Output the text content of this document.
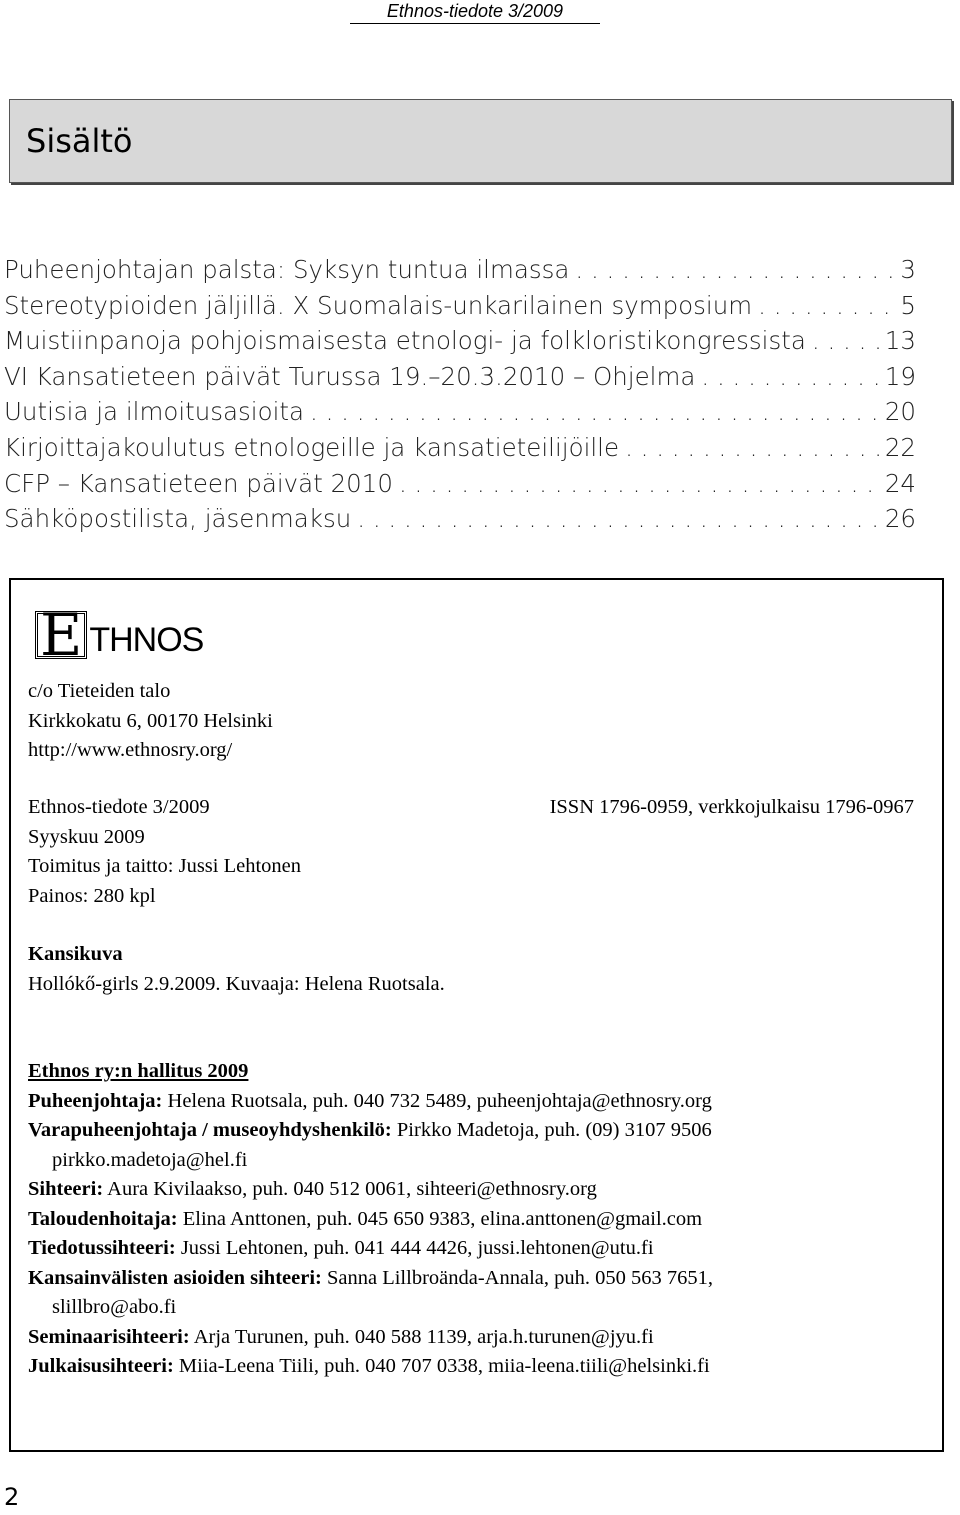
Ethnos-tiedote 3/2009
Sisältö
Puheenjohtajan palsta: Syksyn tuntua ilmassa . . .	3
Stereotypioiden jäljillä. X Suomalais-unkarilainen symposium . . .	5
Muistiinpanoja pohjoismaisesta etnologi- ja folkloristikongressista . . .	13
VI Kansatieteen päivät Turussa 19.–20.3.2010 – Ohjelma . . .	19
Uutisia ja ilmoitusasioita . . .	20
Kirjoittajakoulutus etnologeille ja kansatieteilijöille . . .	22
CFP – Kansatieteen päivät 2010 . . .	24
Sähköpostilista, jäsenmaksu . . .	26
E THNOS
c/o Tieteiden talo
Kirkkokatu 6, 00170 Helsinki
http://www.ethnosry.org/
Ethnos-tiedote 3/2009
Syyskuu 2009
Toimitus ja taitto: Jussi Lehtonen
Painos: 280 kpl
ISSN 1796-0959, verkkojulkaisu 1796-0967
Kansikuva
Hollókő-girls 2.9.2009. Kuvaaja: Helena Ruotsala.
Ethnos ry:n hallitus 2009
Puheenjohtaja: Helena Ruotsala, puh. 040 732 5489, puheenjohtaja@ethnosry.org
Varapuheenjohtaja / museoyhdyshenkilö: Pirkko Madetoja, puh. (09) 3107 9506
pirkko.madetoja@hel.fi
Sihteeri: Aura Kivilaakso, puh. 040 512 0061, sihteeri@ethnosry.org
Taloudenhoitaja: Elina Anttonen, puh. 045 650 9383, elina.anttonen@gmail.com
Tiedotussihteeri: Jussi Lehtonen, puh. 041 444 4426, jussi.lehtonen@utu.fi
Kansainvälisten asioiden sihteeri: Sanna Lillbroända-Annala, puh. 050 563 7651,
slillbro@abo.fi
Seminaarisihteeri: Arja Turunen, puh. 040 588 1139, arja.h.turunen@jyu.fi
Julkaisusihteeri: Miia-Leena Tiili, puh. 040 707 0338, miia-leena.tiili@helsinki.fi
2
